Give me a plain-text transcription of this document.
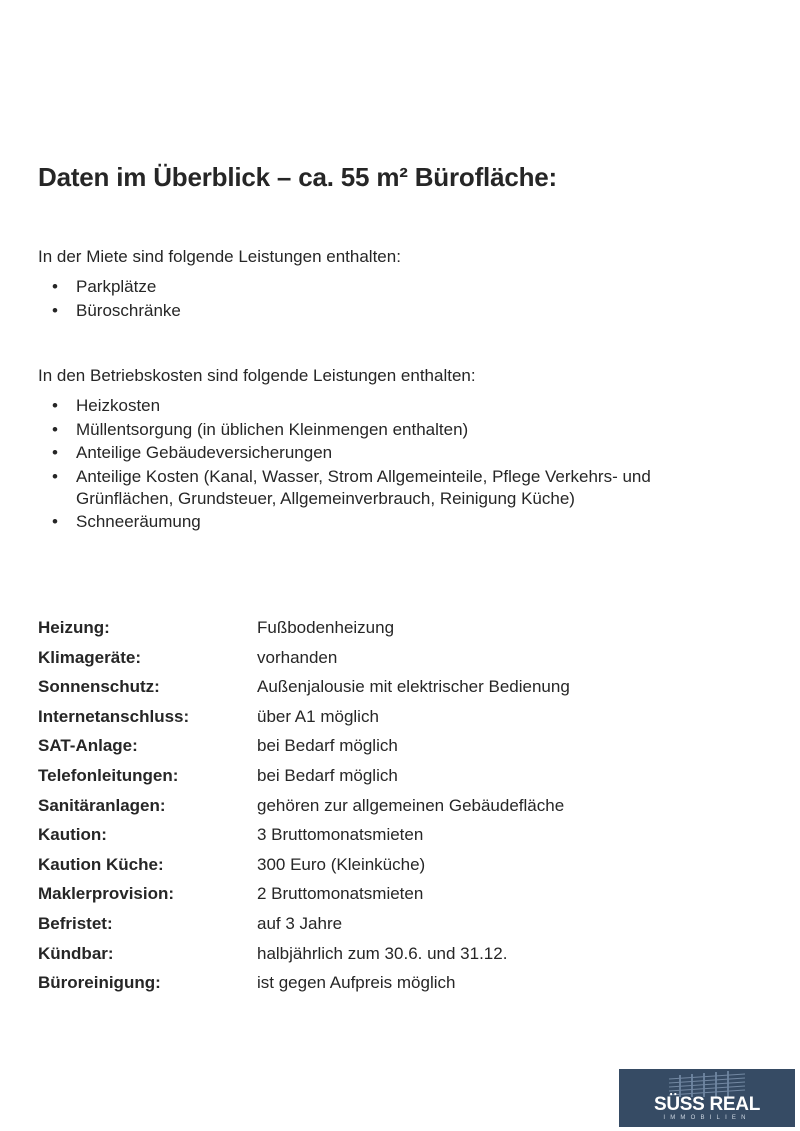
Daten im Überblick – ca. 55 m² Bürofläche:

In der Miete sind folgende Leistungen enthalten:

• Parkplätze
• Büroschränke

In den Betriebskosten sind folgende Leistungen enthalten:

• Heizkosten
• Müllentsorgung (in üblichen Kleinmengen enthalten)
• Anteilige Gebäudeversicherungen
• Anteilige Kosten (Kanal, Wasser, Strom Allgemeinteile, Pflege Verkehrs- und Grünflächen, Grundsteuer, Allgemeinverbrauch, Reinigung Küche)
• Schneeräumung
Heizung:	Fußbodenheizung
Klimageräte:	vorhanden
Sonnenschutz:	Außenjalousie mit elektrischer Bedienung
Internetanschluss:	über A1 möglich
SAT-Anlage:	bei Bedarf möglich
Telefonleitungen:	bei Bedarf möglich
Sanitäranlagen:	gehören zur allgemeinen Gebäudefläche
Kaution:	3 Bruttomonatsmieten
Kaution Küche:	300 Euro (Kleinküche)
Maklerprovision:	2 Bruttomonatsmieten
Befristet:	auf 3 Jahre
Kündbar:	halbjährlich zum 30.6. und 31.12.
Büroreinigung:	ist gegen Aufpreis möglich
SÜSS REAL
IMMOBILIEN
